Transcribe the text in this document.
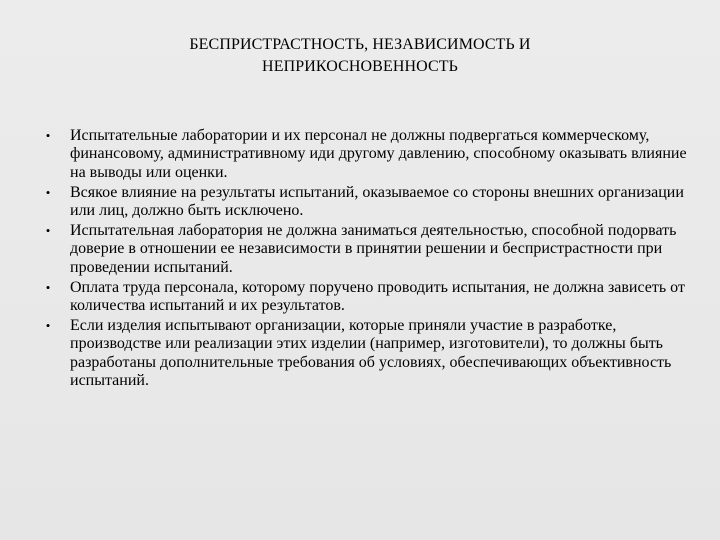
БЕСПРИСТРАСТНОСТЬ, НЕЗАВИСИМОСТЬ И
НЕПРИКОСНОВЕННОСТЬ
•	Испытательные лаборатории и их персонал не должны подвергаться коммерческому, финансовому, административному иди другому давлению, способному оказывать влияние на выводы или оценки.
•	Всякое влияние на результаты испытаний, оказываемое со стороны внешних организации или лиц, должно быть исключено.
•	Испытательная лаборатория не должна заниматься деятельностью, способной подорвать доверие в отношении ее независимости в принятии решении и беспристрастности при проведении испытаний.
•	Оплата труда персонала, которому поручено проводить испытания, не должна зависеть от количества испытаний и их результатов.
•	Если изделия испытывают организации, которые приняли участие в разработке, производстве или реализации этих изделии (например, изготовители), то должны быть разработаны дополнительные требования об условиях, обеспечивающих объективность испытаний.
